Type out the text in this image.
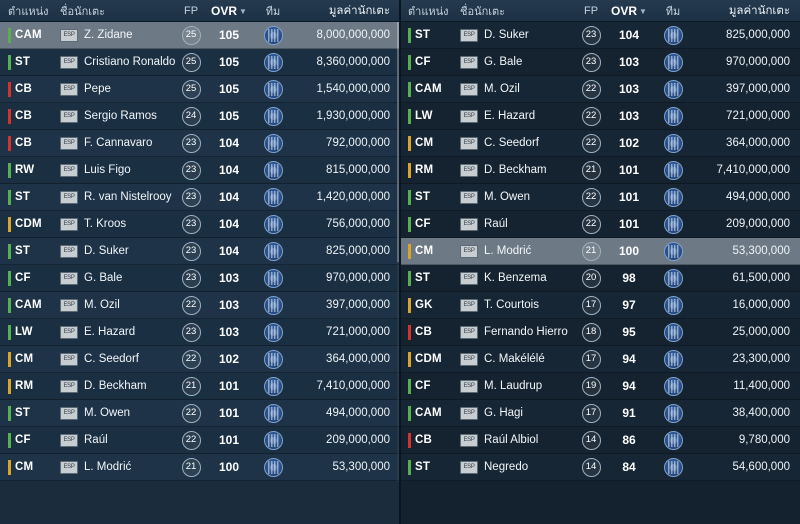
ตำแหน่ง	ชื่อนักเตะ	FP	OVR ▼	ทีม	มูลค่านักเตะ
CAM	ESP Z. Zidane	25	105	8,000,000,000
ST	ESP Cristiano Ronaldo	25	105	8,360,000,000
CB	ESP Pepe	25	105	1,540,000,000
CB	ESP Sergio Ramos	24	105	1,930,000,000
CB	ESP F. Cannavaro	23	104	792,000,000
RW	ESP Luis Figo	23	104	815,000,000
ST	ESP R. van Nistelrooy	23	104	1,420,000,000
CDM	ESP T. Kroos	23	104	756,000,000
ST	ESP D. Šuker	23	104	825,000,000
CF	ESP G. Bale	23	103	970,000,000
CAM	ESP M. Özil	22	103	397,000,000
LW	ESP E. Hazard	23	103	721,000,000
CM	ESP C. Seedorf	22	102	364,000,000
RM	ESP D. Beckham	21	101	7,410,000,000
ST	ESP M. Owen	22	101	494,000,000
CF	ESP Raúl	22	101	209,000,000
CM	ESP L. Modrić	21	100	53,300,000
ตำแหน่ง	ชื่อนักเตะ	FP	OVR ▼	ทีม	มูลค่านักเตะ
ST	ESP D. Šuker	23	104	825,000,000
CF	ESP G. Bale	23	103	970,000,000
CAM	ESP M. Özil	22	103	397,000,000
LW	ESP E. Hazard	22	103	721,000,000
CM	ESP C. Seedorf	22	102	364,000,000
RM	ESP D. Beckham	21	101	7,410,000,000
ST	ESP M. Owen	22	101	494,000,000
CF	ESP Raúl	22	101	209,000,000
CM	ESP L. Modrić	21	100	53,300,000
ST	ESP K. Benzema	20	98	61,500,000
GK	ESP T. Courtois	17	97	16,000,000
CB	ESP Fernando Hierro	18	95	25,000,000
CDM	ESP C. Makélélé	17	94	23,300,000
CF	ESP M. Laudrup	19	94	11,400,000
CAM	ESP G. Hagi	17	91	38,400,000
CB	ESP Raúl Albiol	14	86	9,780,000
ST	ESP Negredo	14	84	54,600,000
